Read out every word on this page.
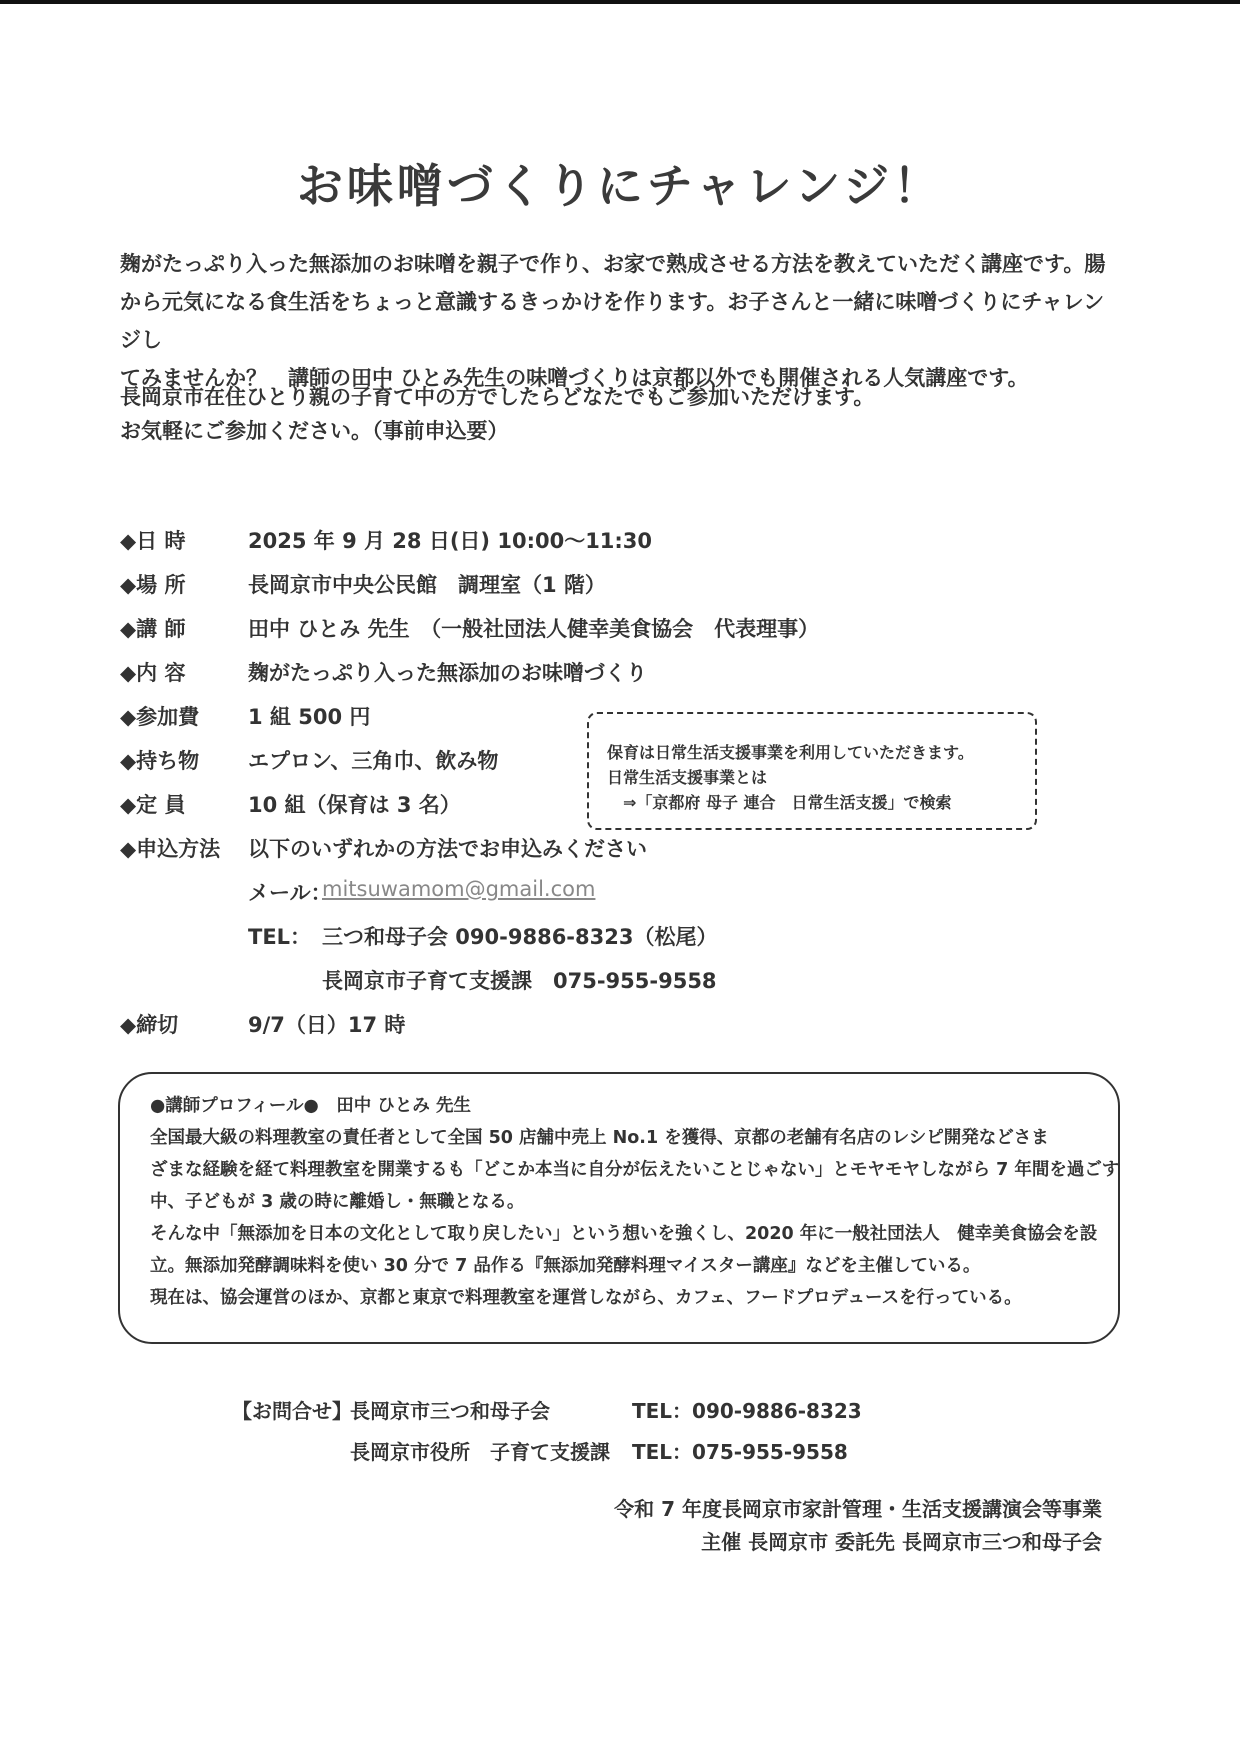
お味噌づくりにチャレンジ！

麹がたっぷり入った無添加のお味噌を親子で作り、お家で熟成させる方法を教えていただく講座です。腸

から元気になる食生活をちょっと意識するきっかけを作ります。お子さんと一緒に味噌づくりにチャレンジし

てみませんか？　講師の田中 ひとみ先生の味噌づくりは京都以外でも開催される人気講座です。

長岡京市在住ひとり親の子育て中の方でしたらどなたでもご参加いただけます。

お気軽にご参加ください。（事前申込要）

◆日 時	2025 年 9 月 28 日(日) 10:00～11:30
◆場 所	長岡京市中央公民館　調理室（1 階）
◆講 師	田中 ひとみ 先生　（一般社団法人健幸美食協会　代表理事）
◆内 容	麹がたっぷり入った無添加のお味噌づくり
◆参加費 1 組 500 円
◆持ち物 エプロン、三角巾、飲み物
◆定 員	10 組（保育は 3 名）
◆申込方法 以下のいずれかの方法でお申込みください
メール：
mitsuwamom@gmail.com
TEL： 三つ和母子会 090-9886-8323（松尾）
長岡京市子育て支援課　075-955-9558
◆締切	9/7（日）17 時

保育は日常生活支援事業を利用していただきます。

日常生活支援事業とは

　⇒「京都府 母子 連合　日常生活支援」で検索

●講師プロフィール●　田中 ひとみ 先生

全国最大級の料理教室の責任者として全国 50 店舗中売上 No.1 を獲得、京都の老舗有名店のレシピ開発などさま

ざまな経験を経て料理教室を開業するも「どこか本当に自分が伝えたいことじゃない」とモヤモヤしながら 7 年間を過ごす

中、子どもが 3 歳の時に離婚し・無職となる。

そんな中「無添加を日本の文化として取り戻したい」という想いを強くし、2020 年に一般社団法人　健幸美食協会を設

立。無添加発酵調味料を使い 30 分で 7 品作る『無添加発酵料理マイスター講座』などを主催している。

現在は、協会運営のほか、京都と東京で料理教室を運営しながら、カフェ、フードプロデュースを行っている。

【お問合せ】
長岡京市三つ和母子会	TEL：090-9886-8323
長岡京市役所　子育て支援課 TEL：075-955-9558
令和 7 年度長岡京市家計管理・生活支援講演会等事業
主催 長岡京市 委託先 長岡京市三つ和母子会
